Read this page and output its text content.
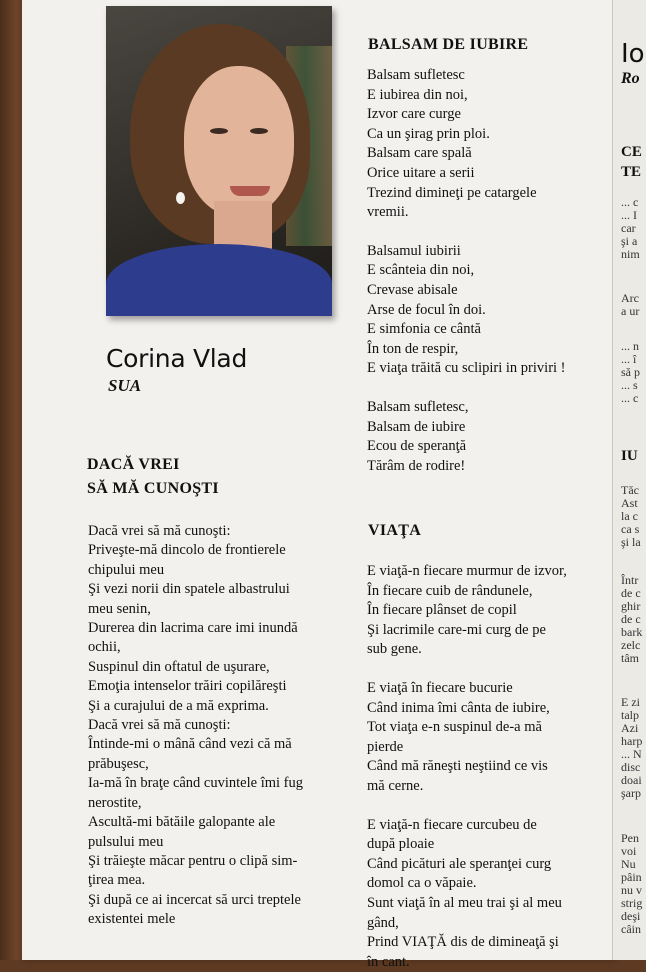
Corina Vlad
SUA
BALSAM DE IUBIRE
Balsam sufletesc
E iubirea din noi,
Izvor care curge
Ca un şirag prin ploi.
Balsam care spală
Orice uitare a serii
Trezind dimineţi pe catargele
vremii.
Balsamul iubirii
E scânteia din noi,
Crevase abisale
Arse de focul în doi.
E simfonia ce cântă
În ton de respir,
E viaţa trăită cu sclipiri in priviri !
Balsam sufletesc,
Balsam de iubire
Ecou de speranţă
Tărâm de rodire!
VIAŢA
E viaţă-n fiecare murmur de izvor,
În fiecare cuib de rândunele,
În fiecare plânset de copil
Şi lacrimile care-mi curg de pe
sub gene.
E viaţă în fiecare bucurie
Când inima îmi cânta de iubire,
Tot viaţa e-n suspinul de-a mă
pierde
Când mă răneşti neştiind ce vis
mă cerne.
E viaţă-n fiecare curcubeu de
după ploaie
Când picături ale speranţei curg
domol ca o văpaie.
Sunt viaţă în al meu trai şi al meu
gând,
Prind VIAŢĂ dis de dimineaţă şi
în cant.
DACĂ VREI
SĂ MĂ CUNOŞTI
Dacă vrei să mă cunoşti:
Priveşte-mă dincolo de frontierele
chipului meu
Şi vezi norii din spatele albastrului
meu senin,
Durerea din lacrima care imi inundă
ochii,
Suspinul din oftatul de uşurare,
Emoţia intenselor trăiri copilăreşti
Şi a curajului de a mă exprima.
Dacă vrei să mă cunoşti:
Întinde-mi o mână când vezi că mă
prăbuşesc,
Ia-mă în braţe când cuvintele îmi fug
nerostite,
Ascultă-mi bătăile galopante ale
pulsului meu
Şi trăieşte măcar pentru o clipă sim-
ţirea mea.
Şi după ce ai incercat să urci treptele
existentei mele
Io
Ro
CE
TE
... c
... I
car
şi a
nim
Arc
a ur
... n
... î
să p
... s
... c
IU
Tăc
Ast
la c
ca s
şi la
Într
de c
ghir
de c
bark
zelc
tâm
E zi
talp
Azi
harp
... N
disc
doai
şarp
Pen
voi
Nu
pâin
nu v
strig
deşi
câin
